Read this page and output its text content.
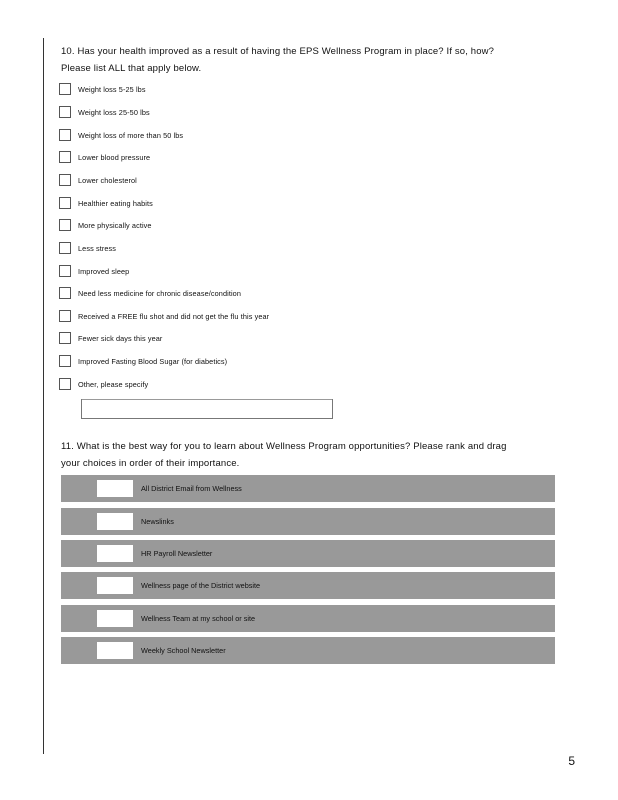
10. Has your health improved as a result of having the EPS Wellness Program in place? If so, how?
Please list ALL that apply below.
Weight loss 5-25 lbs
Weight loss 25-50 lbs
Weight loss of more than 50 lbs
Lower blood pressure
Lower cholesterol
Healthier eating habits
More physically active
Less stress
Improved sleep
Need less medicine for chronic disease/condition
Received a FREE flu shot and did not get the flu this year
Fewer sick days this year
Improved Fasting Blood Sugar (for diabetics)
Other, please specify
11. What is the best way for you to learn about Wellness Program opportunities? Please rank and drag
your choices in order of their importance.
All District Email from Wellness
Newslinks
HR Payroll Newsletter
Wellness page of the District website
Wellness Team at my school or site
Weekly School Newsletter
5
